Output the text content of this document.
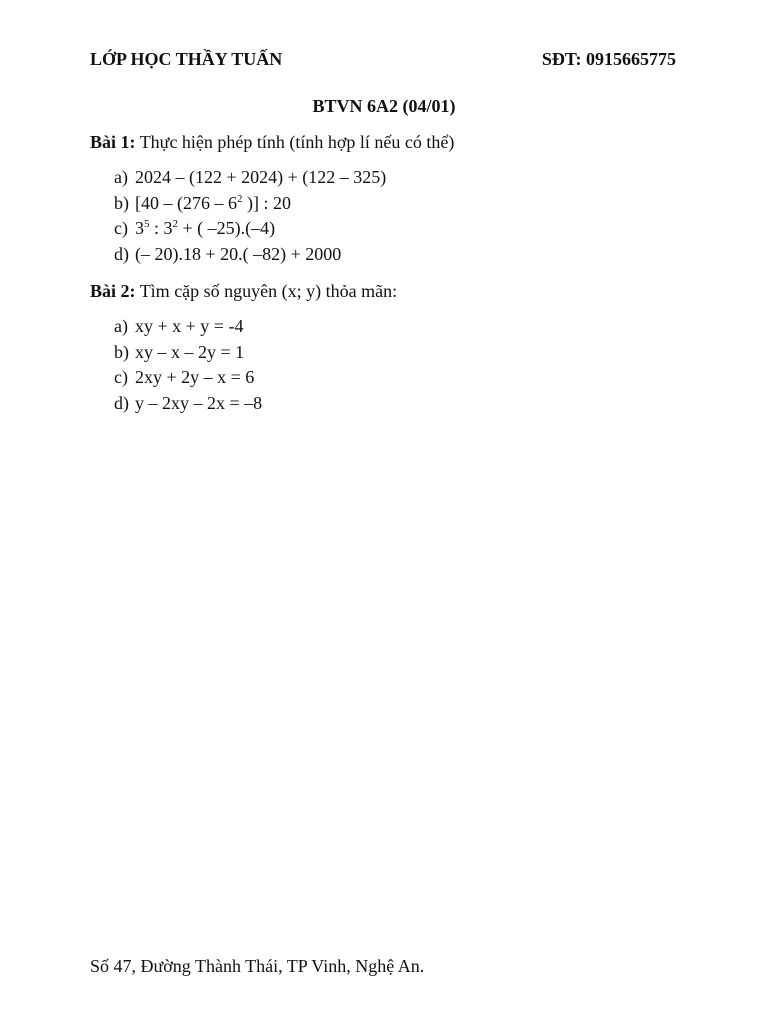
LỚP HỌC THẦY TUẤN	SĐT: 0915665775
BTVN 6A2 (04/01)
Bài 1: Thực hiện phép tính (tính hợp lí nếu có thể)
a) 2024 – (122 + 2024) + (122 – 325)
b) [$40 - (276 - 6^2$ )] : 20
c) $3^5$ : $3^2$ + ( –25).(–4)
d) (– 20).18 + 20.( –82) + 2000
Bài 2: Tìm cặp số nguyên (x; y) thỏa mãn:
a) xy + x + y = -4
b) xy – x – 2y = 1
c) 2xy + 2y – x = 6
d) y – 2xy – 2x = –8
Số 47, Đường Thành Thái, TP Vinh, Nghệ An.
